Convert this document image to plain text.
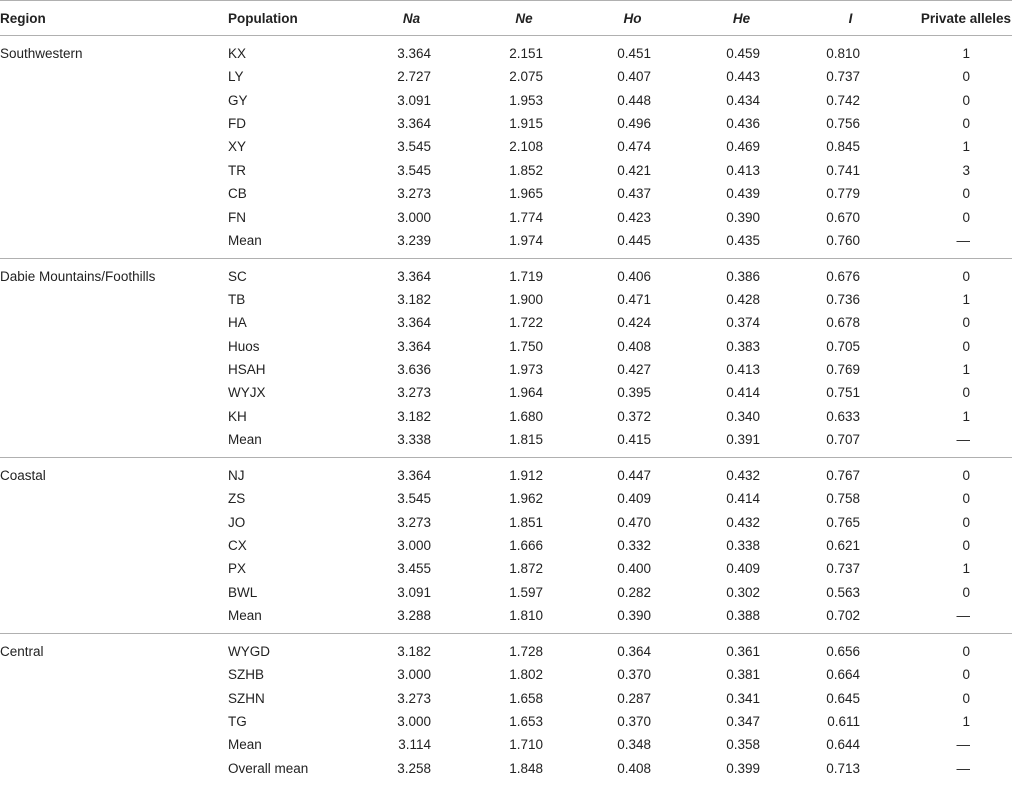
Region	Population	Na	Ne	Ho	He	I	Private alleles
Southwestern	KX	3.364	2.151	0.451	0.459	0.810	1
	LY	2.727	2.075	0.407	0.443	0.737	0
	GY	3.091	1.953	0.448	0.434	0.742	0
	FD	3.364	1.915	0.496	0.436	0.756	0
	XY	3.545	2.108	0.474	0.469	0.845	1
	TR	3.545	1.852	0.421	0.413	0.741	3
	CB	3.273	1.965	0.437	0.439	0.779	0
	FN	3.000	1.774	0.423	0.390	0.670	0
	Mean	3.239	1.974	0.445	0.435	0.760	—
Dabie Mountains/Foothills	SC	3.364	1.719	0.406	0.386	0.676	0
	TB	3.182	1.900	0.471	0.428	0.736	1
	HA	3.364	1.722	0.424	0.374	0.678	0
	Huos	3.364	1.750	0.408	0.383	0.705	0
	HSAH	3.636	1.973	0.427	0.413	0.769	1
	WYJX	3.273	1.964	0.395	0.414	0.751	0
	KH	3.182	1.680	0.372	0.340	0.633	1
	Mean	3.338	1.815	0.415	0.391	0.707	—
Coastal	NJ	3.364	1.912	0.447	0.432	0.767	0
	ZS	3.545	1.962	0.409	0.414	0.758	0
	JO	3.273	1.851	0.470	0.432	0.765	0
	CX	3.000	1.666	0.332	0.338	0.621	0
	PX	3.455	1.872	0.400	0.409	0.737	1
	BWL	3.091	1.597	0.282	0.302	0.563	0
	Mean	3.288	1.810	0.390	0.388	0.702	—
Central	WYGD	3.182	1.728	0.364	0.361	0.656	0
	SZHB	3.000	1.802	0.370	0.381	0.664	0
	SZHN	3.273	1.658	0.287	0.341	0.645	0
	TG	3.000	1.653	0.370	0.347	0.611	1
	Mean	3.114	1.710	0.348	0.358	0.644	—
	Overall mean	3.258	1.848	0.408	0.399	0.713	—
